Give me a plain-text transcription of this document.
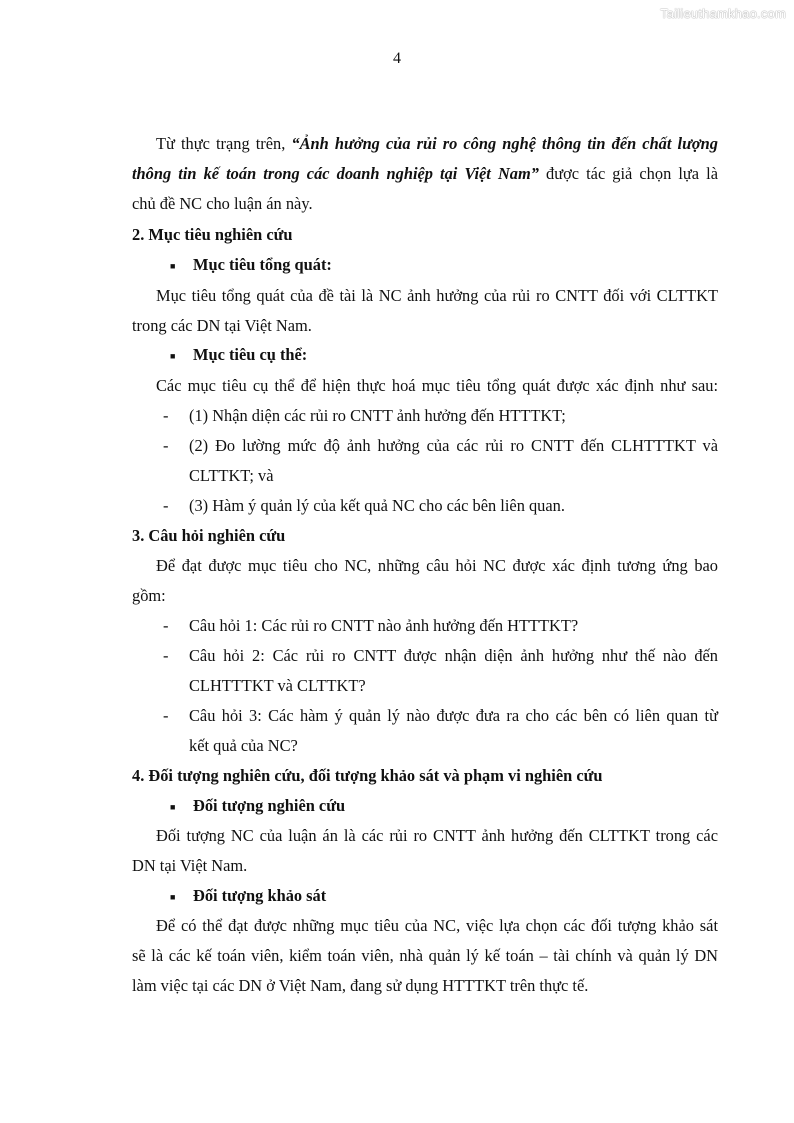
Tailieuthamkhao.com
4
Từ thực trạng trên, “Ảnh hưởng của rủi ro công nghệ thông tin đến chất lượng
thông tin kế toán trong các doanh nghiệp tại Việt Nam” được tác giả chọn lựa là
chủ đề NC cho luận án này.
2. Mục tiêu nghiên cứu
■ Mục tiêu tổng quát:
Mục tiêu tổng quát của đề tài là NC ảnh hưởng của rủi ro CNTT đối với CLTTKT
trong các DN tại Việt Nam.
■ Mục tiêu cụ thể:
Các mục tiêu cụ thể để hiện thực hoá mục tiêu tổng quát được xác định như sau:
- (1) Nhận diện các rủi ro CNTT ảnh hưởng đến HTTTKT;
- (2) Đo lường mức độ ảnh hưởng của các rủi ro CNTT đến CLHTTTKT và
CLTTKT; và
- (3) Hàm ý quản lý của kết quả NC cho các bên liên quan.
3. Câu hỏi nghiên cứu
Để đạt được mục tiêu cho NC, những câu hỏi NC được xác định tương ứng bao
gồm:
- Câu hỏi 1: Các rủi ro CNTT nào ảnh hưởng đến HTTTKT?
- Câu hỏi 2: Các rủi ro CNTT được nhận diện ảnh hưởng như thế nào đến
CLHTTTKT và CLTTKT?
- Câu hỏi 3: Các hàm ý quản lý nào được đưa ra cho các bên có liên quan từ
kết quả của NC?
4. Đối tượng nghiên cứu, đối tượng khảo sát và phạm vi nghiên cứu
■ Đối tượng nghiên cứu
Đối tượng NC của luận án là các rủi ro CNTT ảnh hưởng đến CLTTKT trong các
DN tại Việt Nam.
■ Đối tượng khảo sát
Để có thể đạt được những mục tiêu của NC, việc lựa chọn các đối tượng khảo sát
sẽ là các kế toán viên, kiểm toán viên, nhà quản lý kế toán – tài chính và quản lý DN
làm việc tại các DN ở Việt Nam, đang sử dụng HTTTKT trên thực tế.
